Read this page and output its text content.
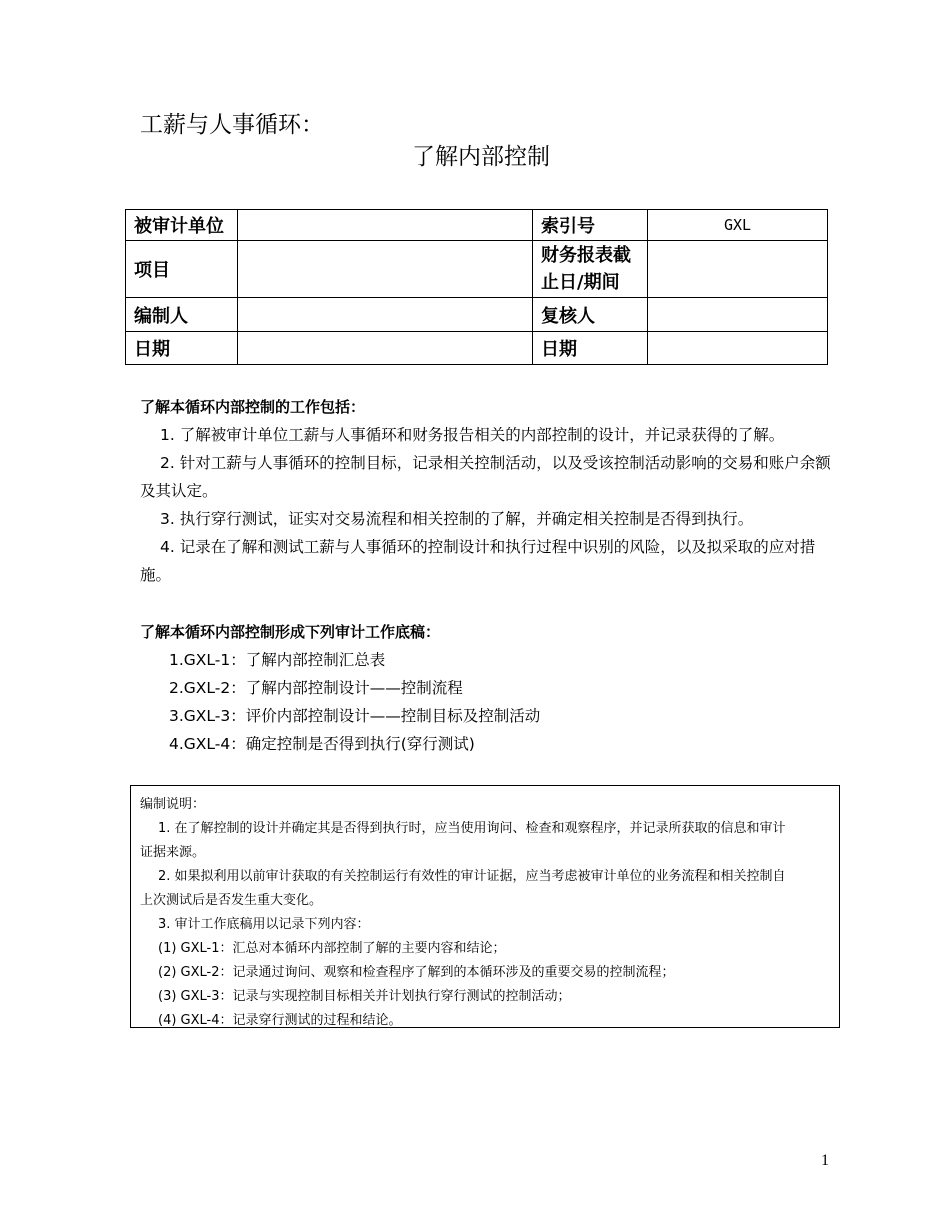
工薪与人事循环：
了解内部控制
被审计单位		索引号	GXL
项目		财务报表截
止日/期间	

编制人		复核人	
日期		日期	
了解本循环内部控制的工作包括：
1. 了解被审计单位工薪与人事循环和财务报告相关的内部控制的设计，并记录获得的了解。
2. 针对工薪与人事循环的控制目标，记录相关控制活动，以及受该控制活动影响的交易和账户余额及其认定。
3. 执行穿行测试，证实对交易流程和相关控制的了解，并确定相关控制是否得到执行。
4. 记录在了解和测试工薪与人事循环的控制设计和执行过程中识别的风险，以及拟采取的应对措施。
了解本循环内部控制形成下列审计工作底稿：
1.GXL-1：了解内部控制汇总表
2.GXL-2：了解内部控制设计——控制流程
3.GXL-3：评价内部控制设计——控制目标及控制活动
4.GXL-4：确定控制是否得到执行(穿行测试)
编制说明：
1. 在了解控制的设计并确定其是否得到执行时，应当使用询问、检查和观察程序，并记录所获取的信息和审计
证据来源。
2. 如果拟利用以前审计获取的有关控制运行有效性的审计证据，应当考虑被审计单位的业务流程和相关控制自
上次测试后是否发生重大变化。
3. 审计工作底稿用以记录下列内容：
(1) GXL-1：汇总对本循环内部控制了解的主要内容和结论；
(2) GXL-2：记录通过询问、观察和检查程序了解到的本循环涉及的重要交易的控制流程；
(3) GXL-3：记录与实现控制目标相关并计划执行穿行测试的控制活动；
(4) GXL-4：记录穿行测试的过程和结论。
1
